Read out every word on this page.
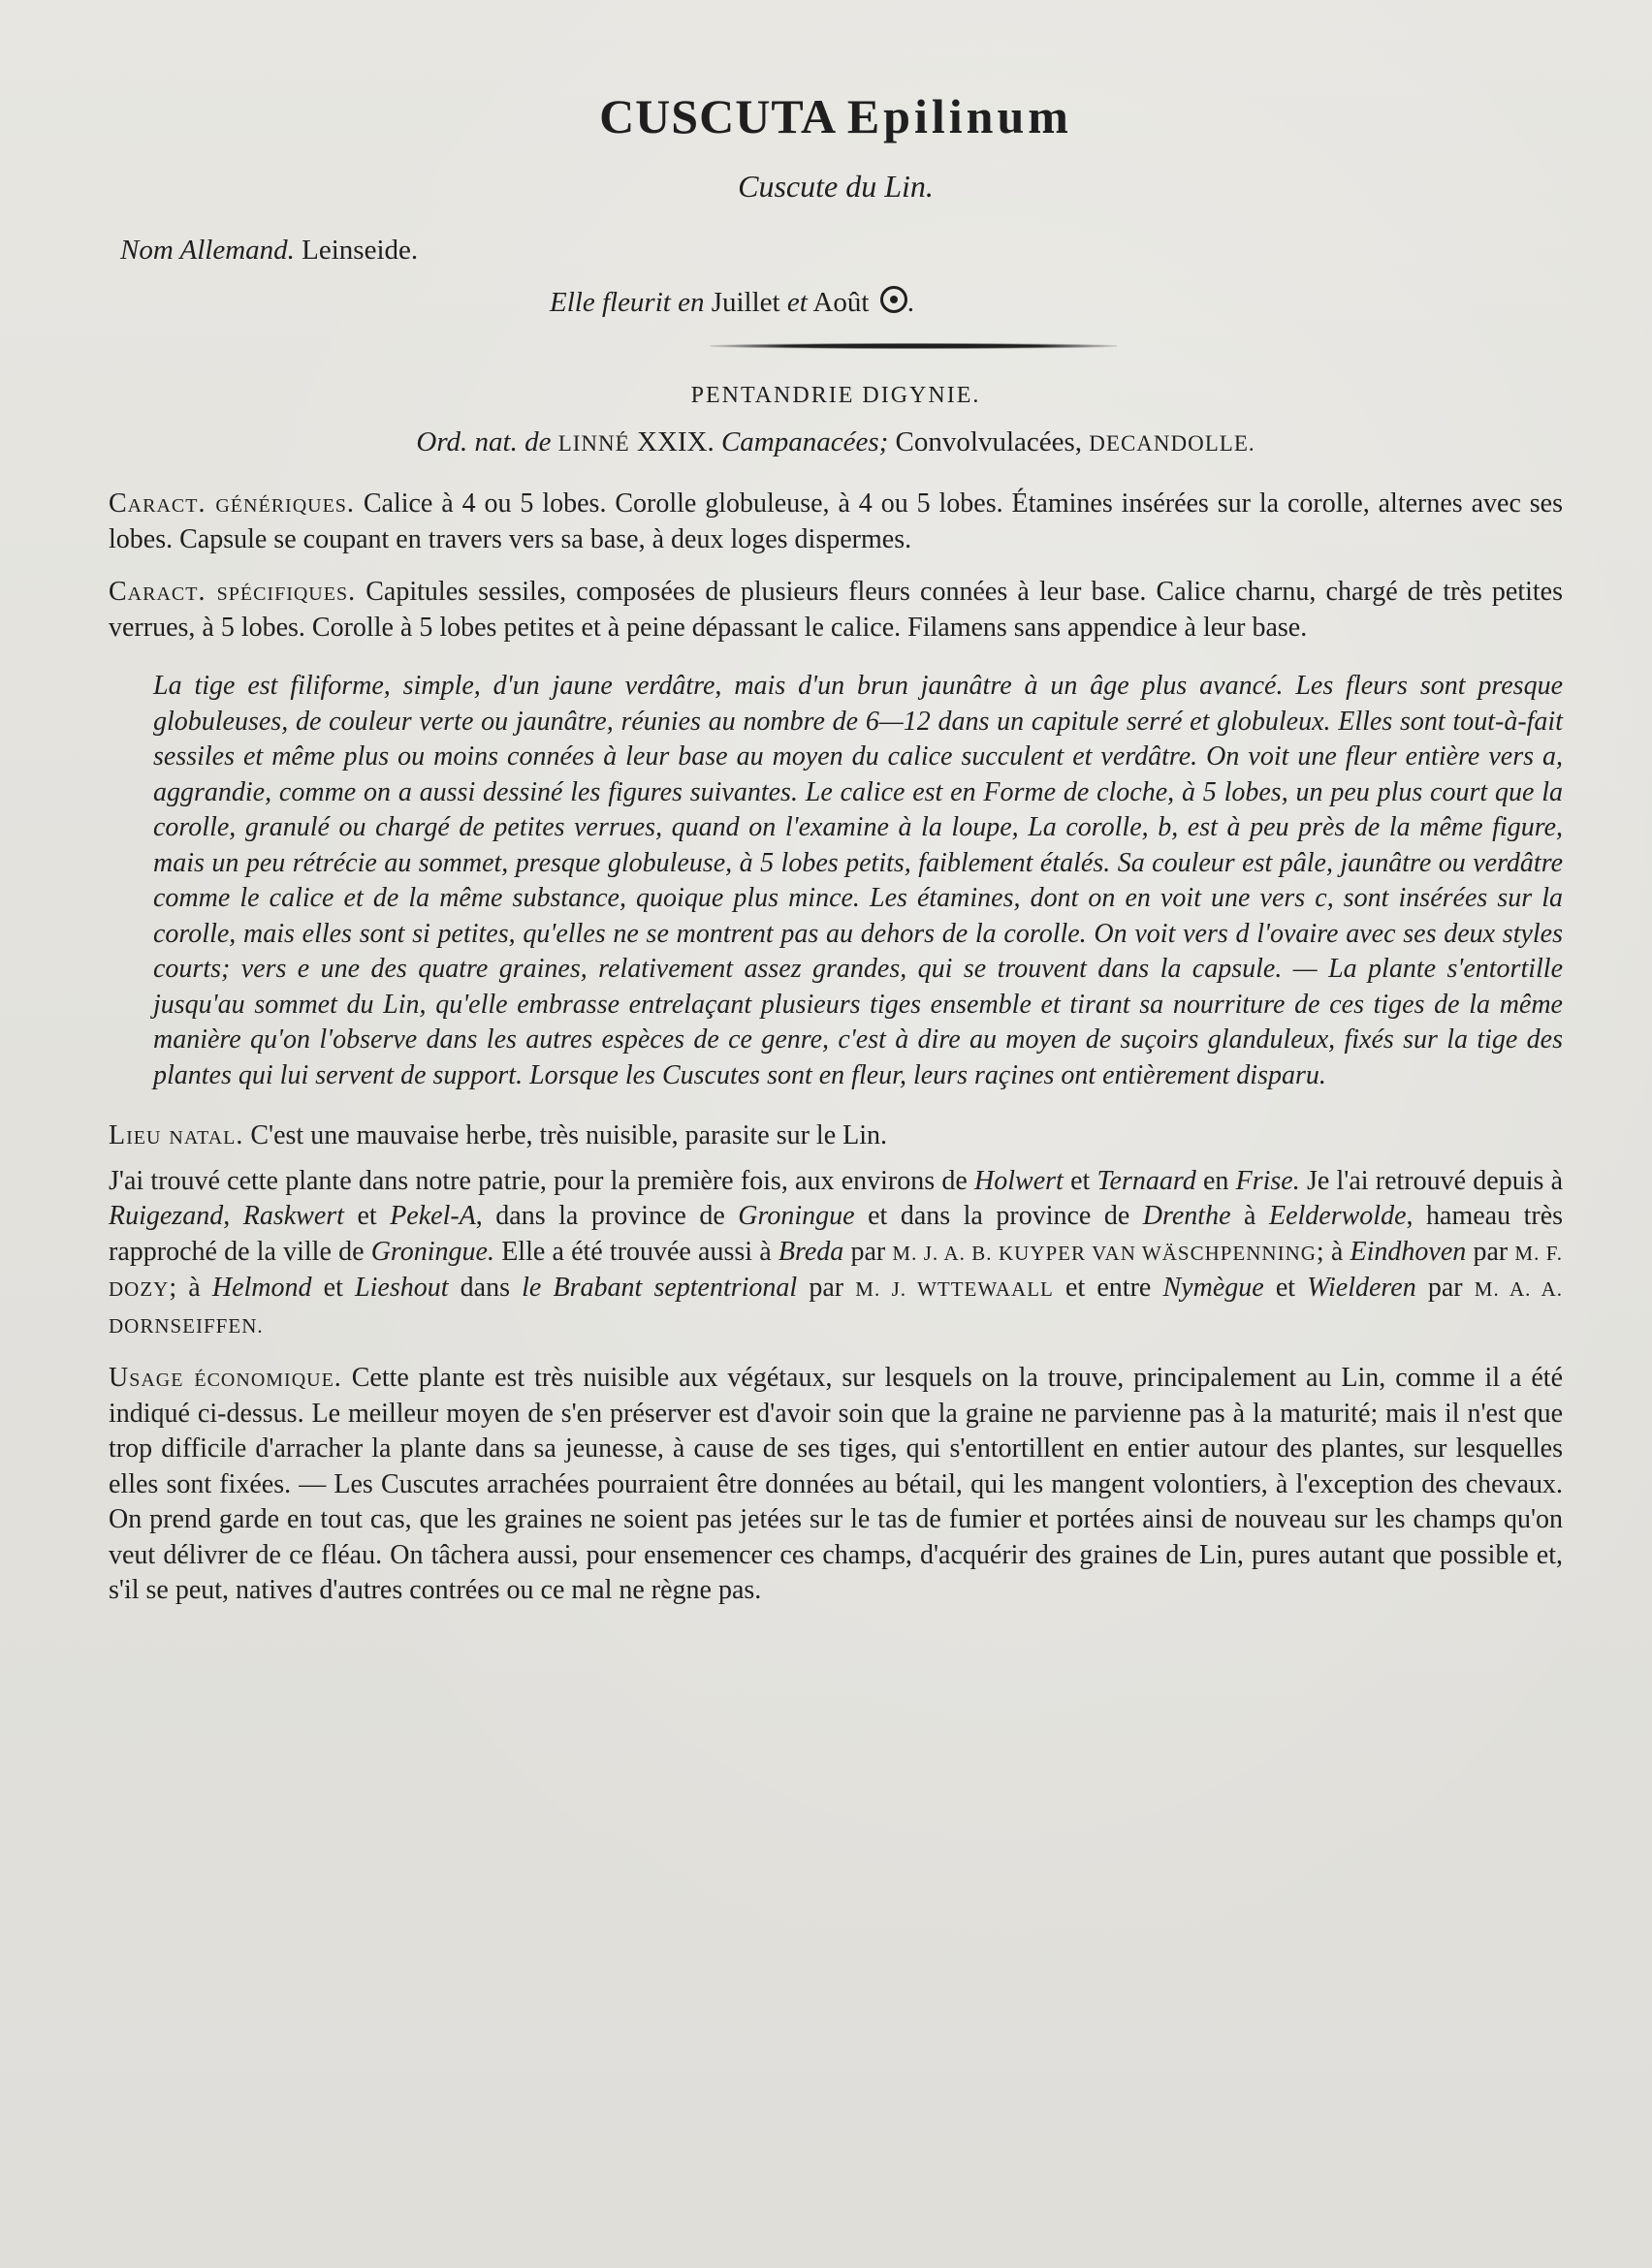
CUSCUTA Epilinum
Cuscute du Lin.
Nom Allemand. Leinseide.
Elle fleurit en Juillet et Août .
PENTANDRIE DIGYNIE.
Ord. nat. de LINNÉ XXIX. Campanacées; Convolvulacées, DECANDOLLE.

Caract. génériques. Calice à 4 ou 5 lobes. Corolle globuleuse, à 4 ou 5 lobes. Étamines insérées sur la corolle, alternes avec ses lobes. Capsule se coupant en travers vers sa base, à deux loges dispermes.

Caract. spécifiques. Capitules sessiles, composées de plusieurs fleurs connées à leur base. Calice charnu, chargé de très petites verrues, à 5 lobes. Corolle à 5 lobes petites et à peine dépassant le calice. Filamens sans appendice à leur base.

La tige est filiforme, simple, d'un jaune verdâtre, mais d'un brun jaunâtre à un âge plus avancé. Les fleurs sont presque globuleuses, de couleur verte ou jaunâtre, réunies au nombre de 6—12 dans un capitule serré et globuleux. Elles sont tout-à-fait sessiles et même plus ou moins connées à leur base au moyen du calice succulent et verdâtre. On voit une fleur entière vers a, aggrandie, comme on a aussi dessiné les figures suivantes. Le calice est en Forme de cloche, à 5 lobes, un peu plus court que la corolle, granulé ou chargé de petites verrues, quand on l'examine à la loupe, La corolle, b, est à peu près de la même figure, mais un peu rétrécie au sommet, presque globuleuse, à 5 lobes petits, faiblement étalés. Sa couleur est pâle, jaunâtre ou verdâtre comme le calice et de la même substance, quoique plus mince. Les étamines, dont on en voit une vers c, sont insérées sur la corolle, mais elles sont si petites, qu'elles ne se montrent pas au dehors de la corolle. On voit vers d l'ovaire avec ses deux styles courts; vers e une des quatre graines, relativement assez grandes, qui se trouvent dans la capsule. — La plante s'entortille jusqu'au sommet du Lin, qu'elle embrasse entrelaçant plusieurs tiges ensemble et tirant sa nourriture de ces tiges de la même manière qu'on l'observe dans les autres espèces de ce genre, c'est à dire au moyen de suçoirs glanduleux, fixés sur la tige des plantes qui lui servent de support. Lorsque les Cuscutes sont en fleur, leurs raçines ont entièrement disparu.

Lieu natal. C'est une mauvaise herbe, très nuisible, parasite sur le Lin.

J'ai trouvé cette plante dans notre patrie, pour la première fois, aux environs de Holwert et Ternaard en Frise. Je l'ai retrouvé depuis à Ruigezand, Raskwert et Pekel-A, dans la province de Groningue et dans la province de Drenthe à Eelderwolde, hameau très rapproché de la ville de Groningue. Elle a été trouvée aussi à Breda par M. J. A. B. KUYPER VAN WÄSCHPENNING; à Eindhoven par M. F. DOZY; à Helmond et Lieshout dans le Brabant septentrional par M. J. WTTEWAALL et entre Nymègue et Wielderen par M. A. A. DORNSEIFFEN.

Usage économique. Cette plante est très nuisible aux végétaux, sur lesquels on la trouve, principalement au Lin, comme il a été indiqué ci-dessus. Le meilleur moyen de s'en préserver est d'avoir soin que la graine ne parvienne pas à la maturité; mais il n'est que trop difficile d'arracher la plante dans sa jeunesse, à cause de ses tiges, qui s'entortillent en entier autour des plantes, sur lesquelles elles sont fixées. — Les Cuscutes arrachées pourraient être données au bétail, qui les mangent volontiers, à l'exception des chevaux. On prend garde en tout cas, que les graines ne soient pas jetées sur le tas de fumier et portées ainsi de nouveau sur les champs qu'on veut délivrer de ce fléau. On tâchera aussi, pour ensemencer ces champs, d'acquérir des graines de Lin, pures autant que possible et, s'il se peut, natives d'autres contrées ou ce mal ne règne pas.
